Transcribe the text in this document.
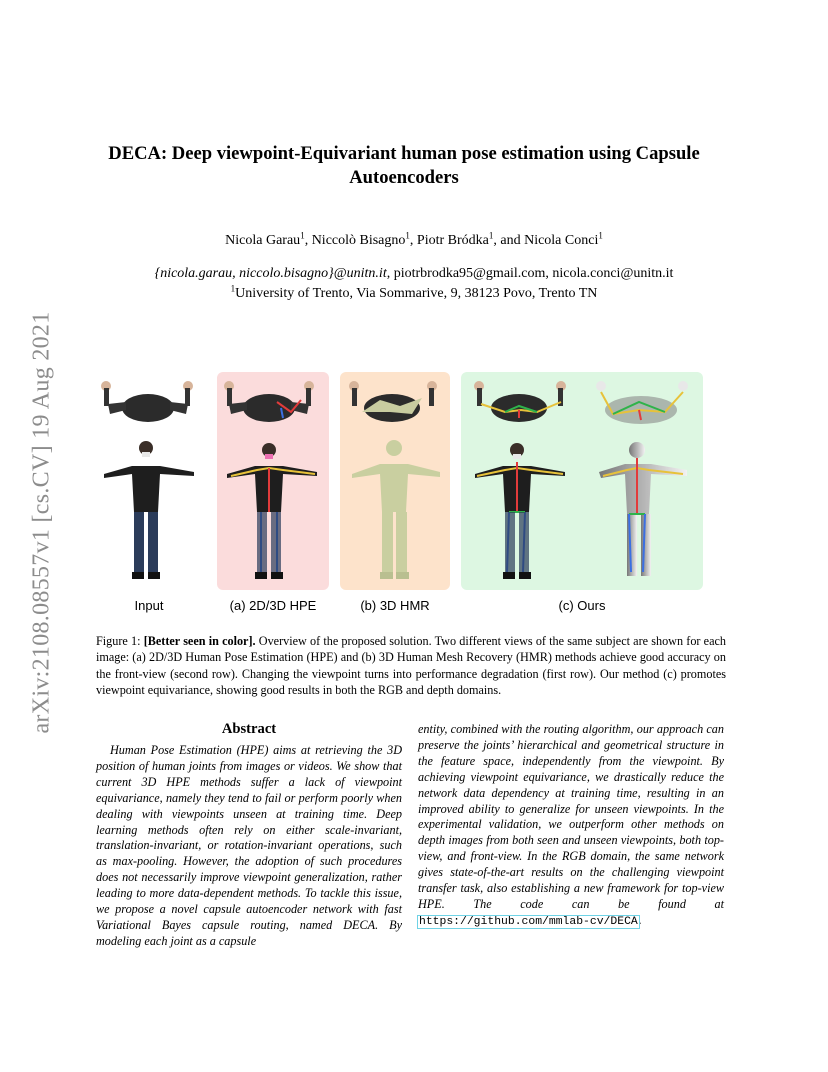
arXiv:2108.08557v1 [cs.CV] 19 Aug 2021
DECA: Deep viewpoint-Equivariant human pose estimation using Capsule
Autoencoders
Nicola Garau$^1$, Niccolò Bisagno$^1$, Piotr Bródka$^1$, and Nicola Conci$^1$
{nicola.garau, niccolo.bisagno}@unitn.it, piotrbrodka95@gmail.com, nicola.conci@unitn.it
$^1$University of Trento, Via Sommarive, 9, 38123 Povo, Trento TN
Input	(a) 2D/3D HPE	(b) 3D HMR	(c) Ours
Figure 1: [Better seen in color]. Overview of the proposed solution. Two different views of the same subject are shown for each image: (a) 2D/3D Human Pose Estimation (HPE) and (b) 3D Human Mesh Recovery (HMR) methods achieve good accuracy on the front-view (second row). Changing the viewpoint turns into performance degradation (first row). Our method (c) promotes viewpoint equivariance, showing good results in both the RGB and depth domains.
Abstract

Human Pose Estimation (HPE) aims at retrieving the 3D position of human joints from images or videos. We show that current 3D HPE methods suffer a lack of viewpoint equivariance, namely they tend to fail or perform poorly when dealing with viewpoints unseen at training time. Deep learning methods often rely on either scale-invariant, translation-invariant, or rotation-invariant operations, such as max-pooling. However, the adoption of such procedures does not necessarily improve viewpoint generalization, rather leading to more data-dependent methods. To tackle this issue, we propose a novel capsule autoencoder network with fast Variational Bayes capsule routing, named DECA. By modeling each joint as a capsule

entity, combined with the routing algorithm, our approach can preserve the joints’ hierarchical and geometrical structure in the feature space, independently from the viewpoint. By achieving viewpoint equivariance, we drastically reduce the network data dependency at training time, resulting in an improved ability to generalize for unseen viewpoints. In the experimental validation, we outperform other methods on depth images from both seen and unseen viewpoints, both top-view, and front-view. In the RGB domain, the same network gives state-of-the-art results on the challenging viewpoint transfer task, also establishing a new framework for top-view HPE. The code can be found at https://github.com/mmlab-cv/DECA.
